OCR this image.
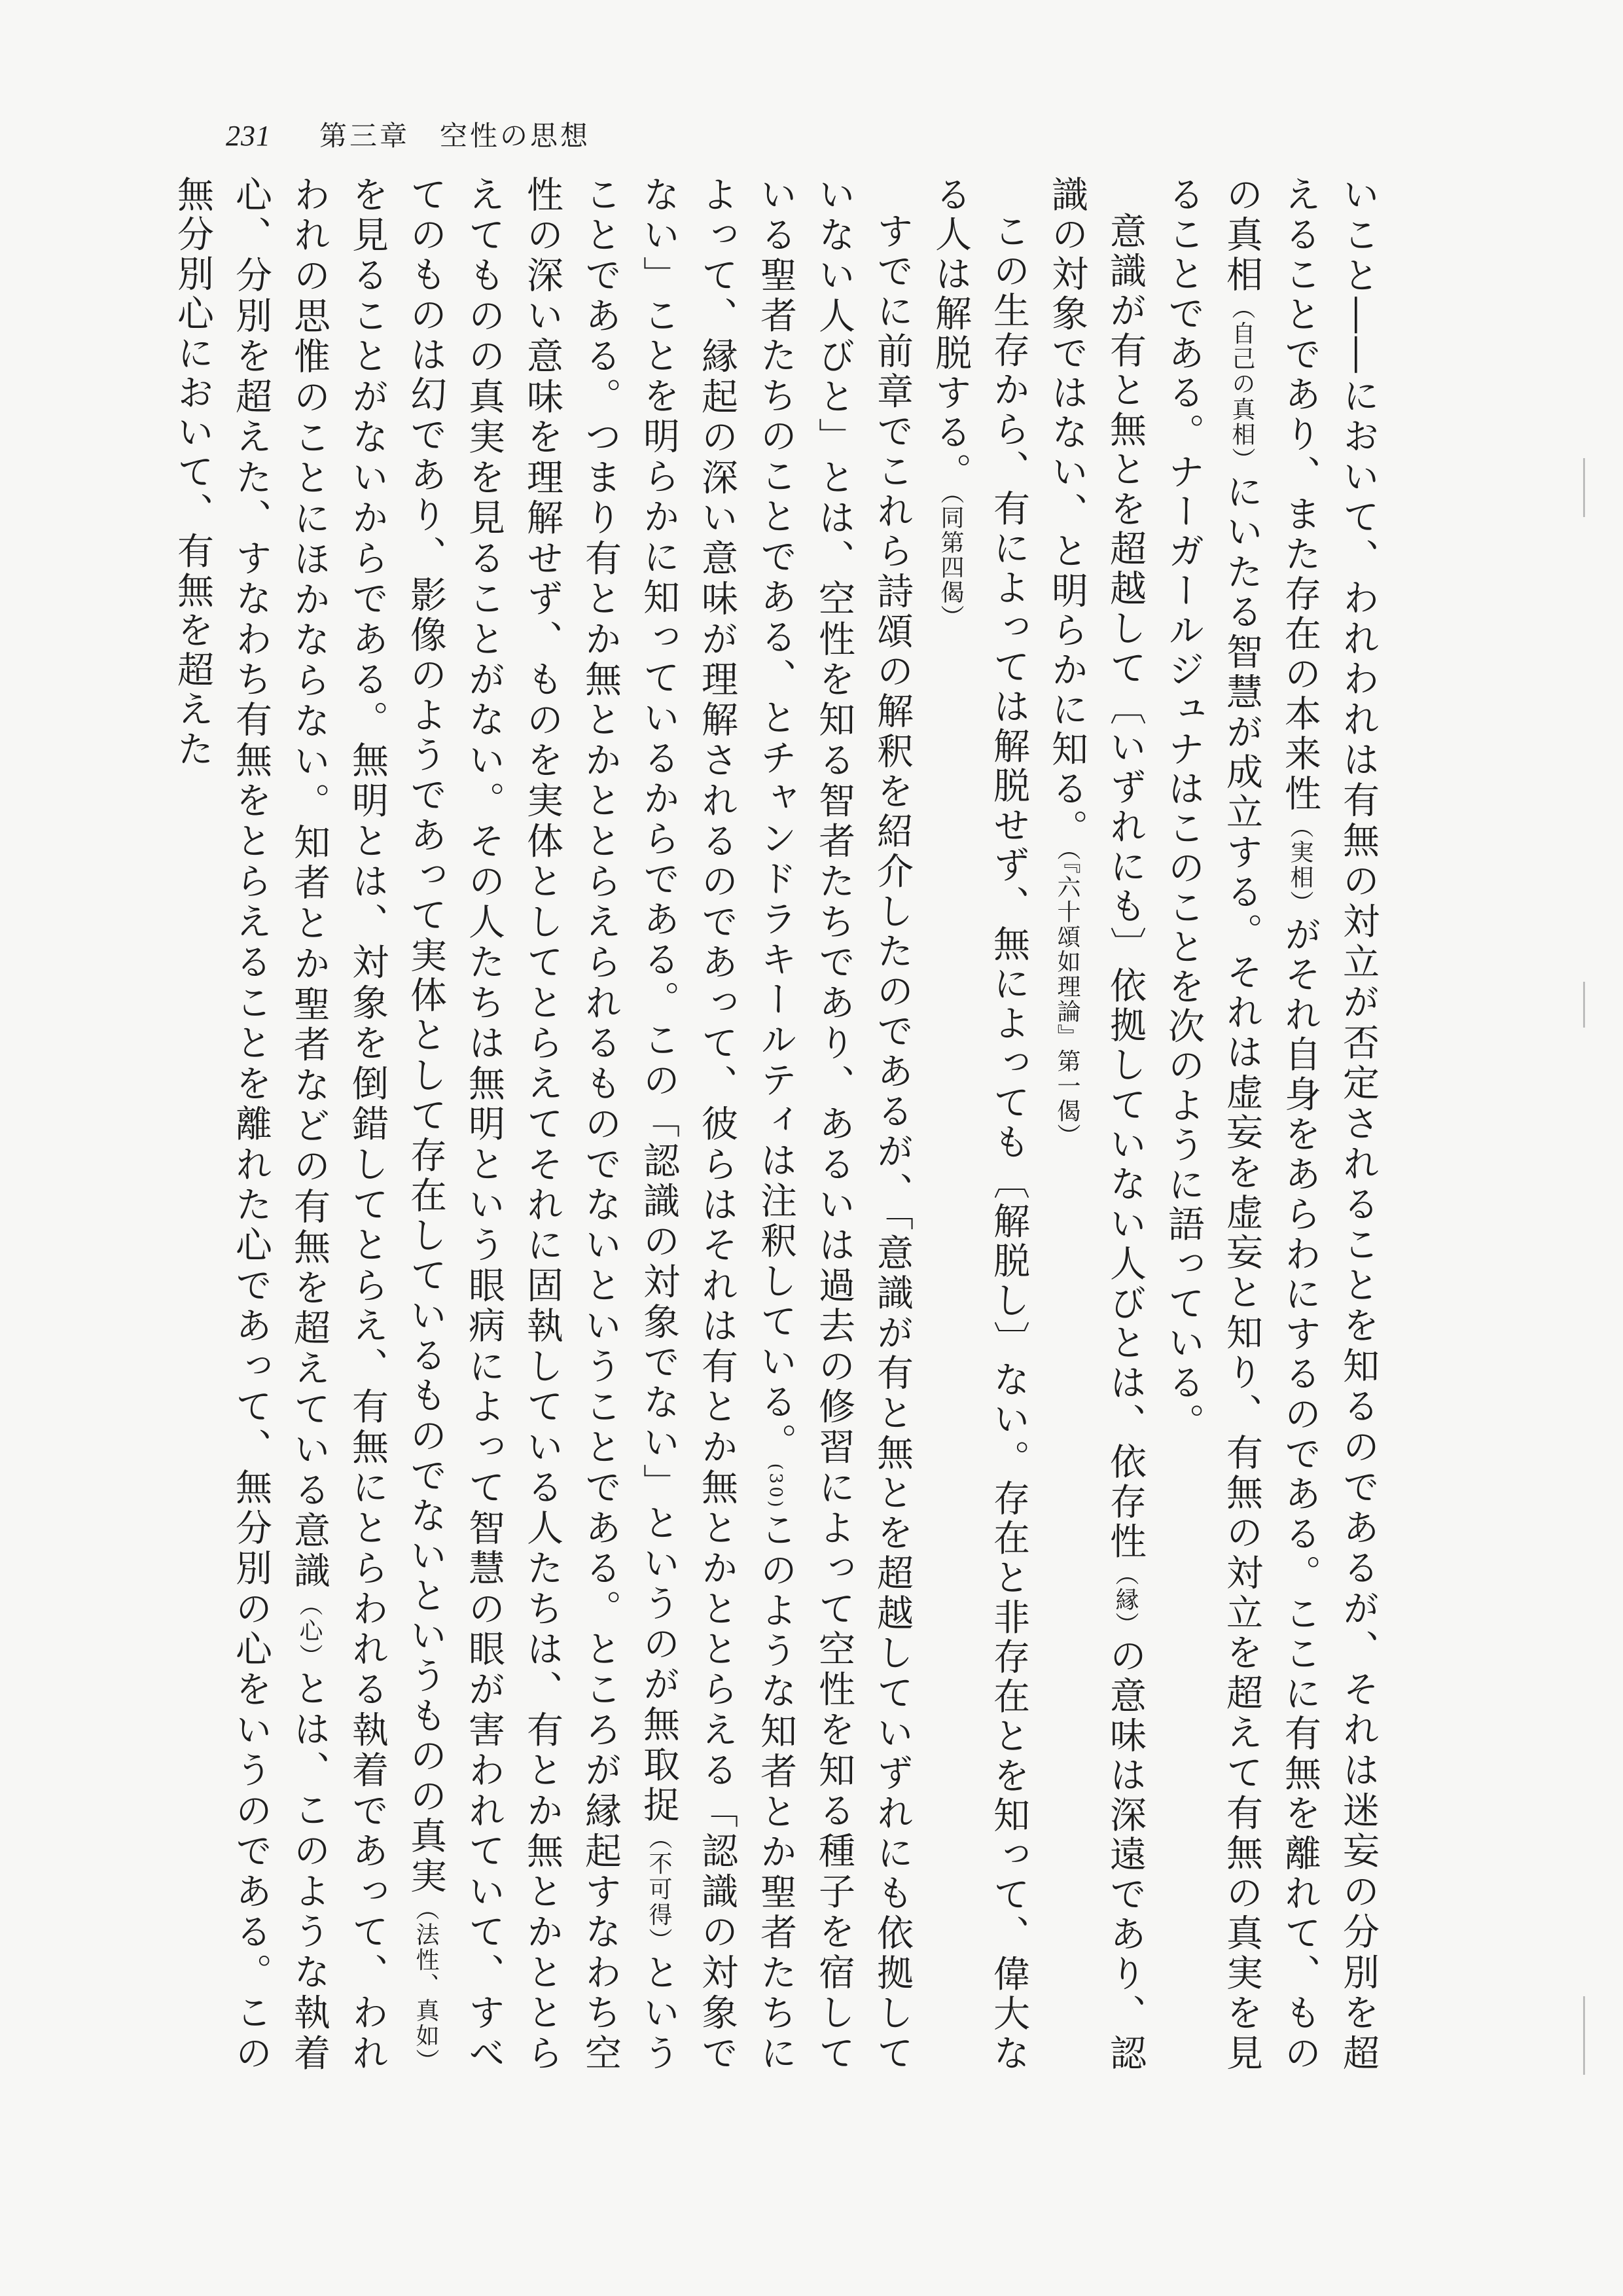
231 第三章　空性の思想

いこと――において、われわれは有無の対立が否定されることを知るのであるが、それは迷妄の分別を超えることであり、また存在の本来性（実相）がそれ自身をあらわにするのである。ここに有無を離れて、ものの真相（自己の真相）にいたる智慧が成立する。それは虚妄を虚妄と知り、有無の対立を超えて有無の真実を見ることである。ナーガールジュナはこのことを次のように語っている。

意識が有と無とを超越して〔いずれにも〕依拠していない人びとは、依存性（縁）の意味は深遠であり、認識の対象ではない、と明らかに知る。（『六十頌如理論』第一偈）

この生存から、有によっては解脱せず、無によっても〔解脱し〕ない。存在と非存在とを知って、偉大なる人は解脱する。（同第四偈）

すでに前章でこれら詩頌の解釈を紹介したのであるが、「意識が有と無とを超越していずれにも依拠していない人びと」とは、空性を知る智者たちであり、あるいは過去の修習によって空性を知る種子を宿している聖者たちのことである、とチャンドラキールティは注釈している。(30)このような知者とか聖者たちによって、縁起の深い意味が理解されるのであって、彼らはそれは有とか無とかととらえる「認識の対象でない」ことを明らかに知っているからである。この「認識の対象でない」というのが無取捉（不可得）ということである。つまり有とか無とかととらえられるものでないということである。ところが縁起すなわち空性の深い意味を理解せず、ものを実体としてとらえてそれに固執している人たちは、有とか無とかととらえてものの真実を見ることがない。その人たちは無明という眼病によって智慧の眼が害われていて、すべてのものは幻であり、影像のようであって実体として存在しているものでないというものの真実（法性、真如）を見ることがないからである。無明とは、対象を倒錯してとらえ、有無にとらわれる執着であって、われわれの思惟のことにほかならない。知者とか聖者などの有無を超えている意識（心）とは、このような執着心、分別を超えた、すなわち有無をとらえることを離れた心であって、無分別の心をいうのである。この無分別心において、有無を超えた
